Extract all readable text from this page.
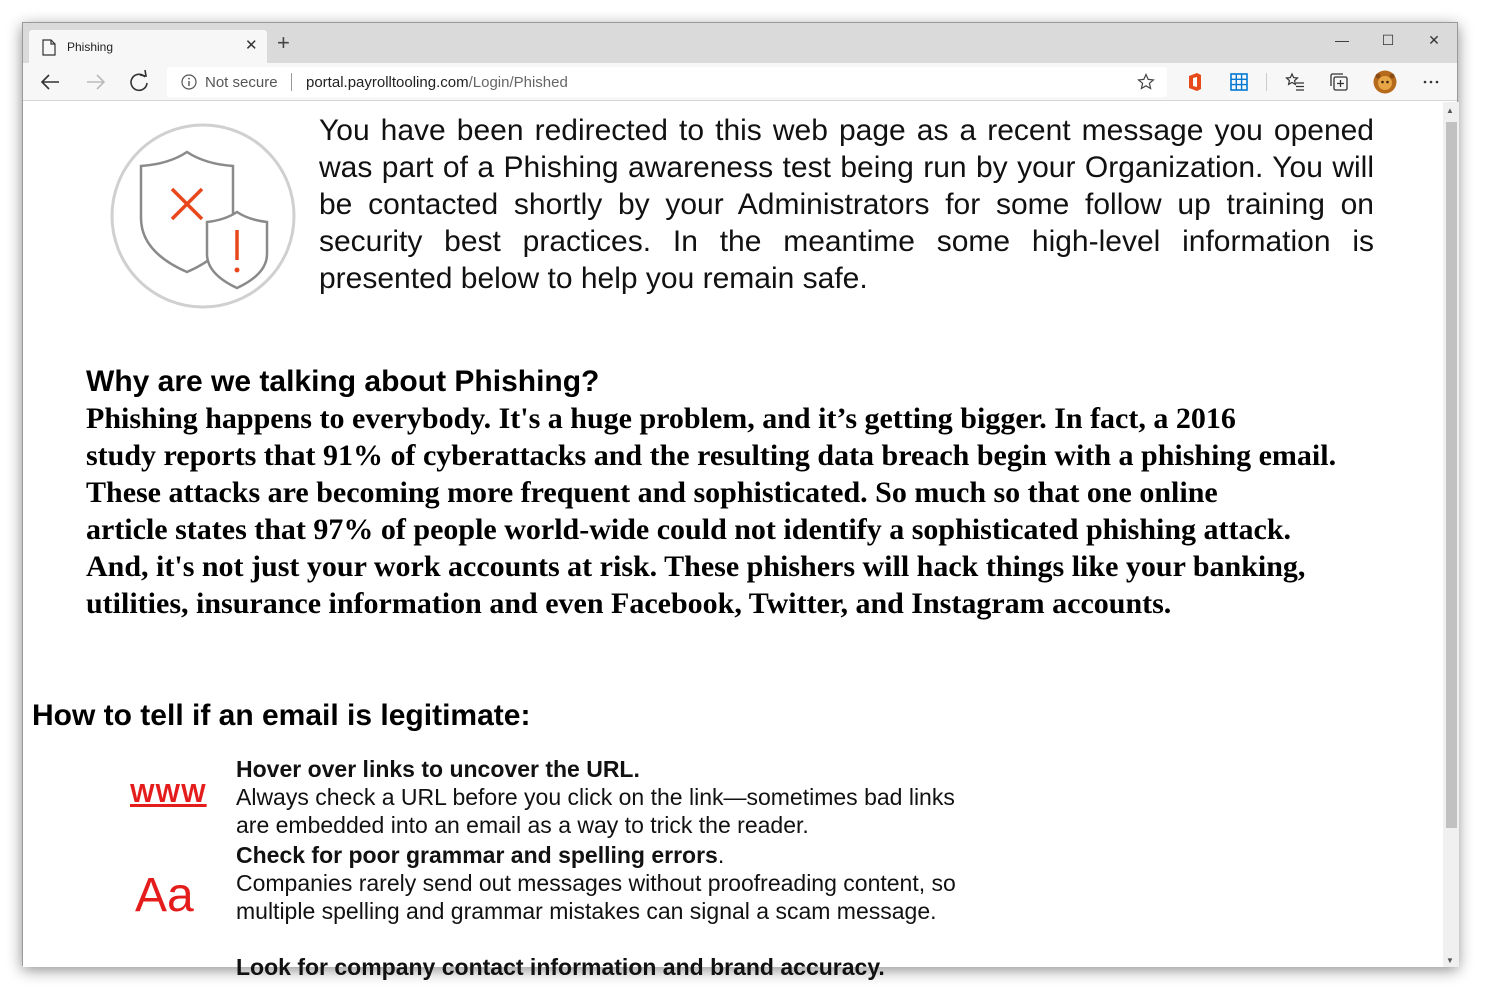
Phishing	✕ +	—	☐	✕
Not secure portal.payrolltooling.com/Login/Phished
You have been redirected to this web page as a recent message you opened was part of a Phishing awareness test being run by your Organization. You will be contacted shortly by your Administrators for some follow up training on security best practices. In the meantime some high-level information is presented below to help you remain safe.
Why are we talking about Phishing?
Phishing happens to everybody. It's a huge problem, and it’s getting bigger. In fact, a 2016
study reports that 91% of cyberattacks and the resulting data breach begin with a phishing email.
These attacks are becoming more frequent and sophisticated. So much so that one online
article states that 97% of people world-wide could not identify a sophisticated phishing attack.
And, it's not just your work accounts at risk. These phishers will hack things like your banking,
utilities, insurance information and even Facebook, Twitter, and Instagram accounts.
How to tell if an email is legitimate:
WWW
Hover over links to uncover the URL.
Always check a URL before you click on the link—sometimes bad links are embedded into an email as a way to trick the reader.
Aa
Check for poor grammar and spelling errors.
Companies rarely send out messages without proofreading content, so multiple spelling and grammar mistakes can signal a scam message.
Look for company contact information and brand accuracy.
▲
▼
